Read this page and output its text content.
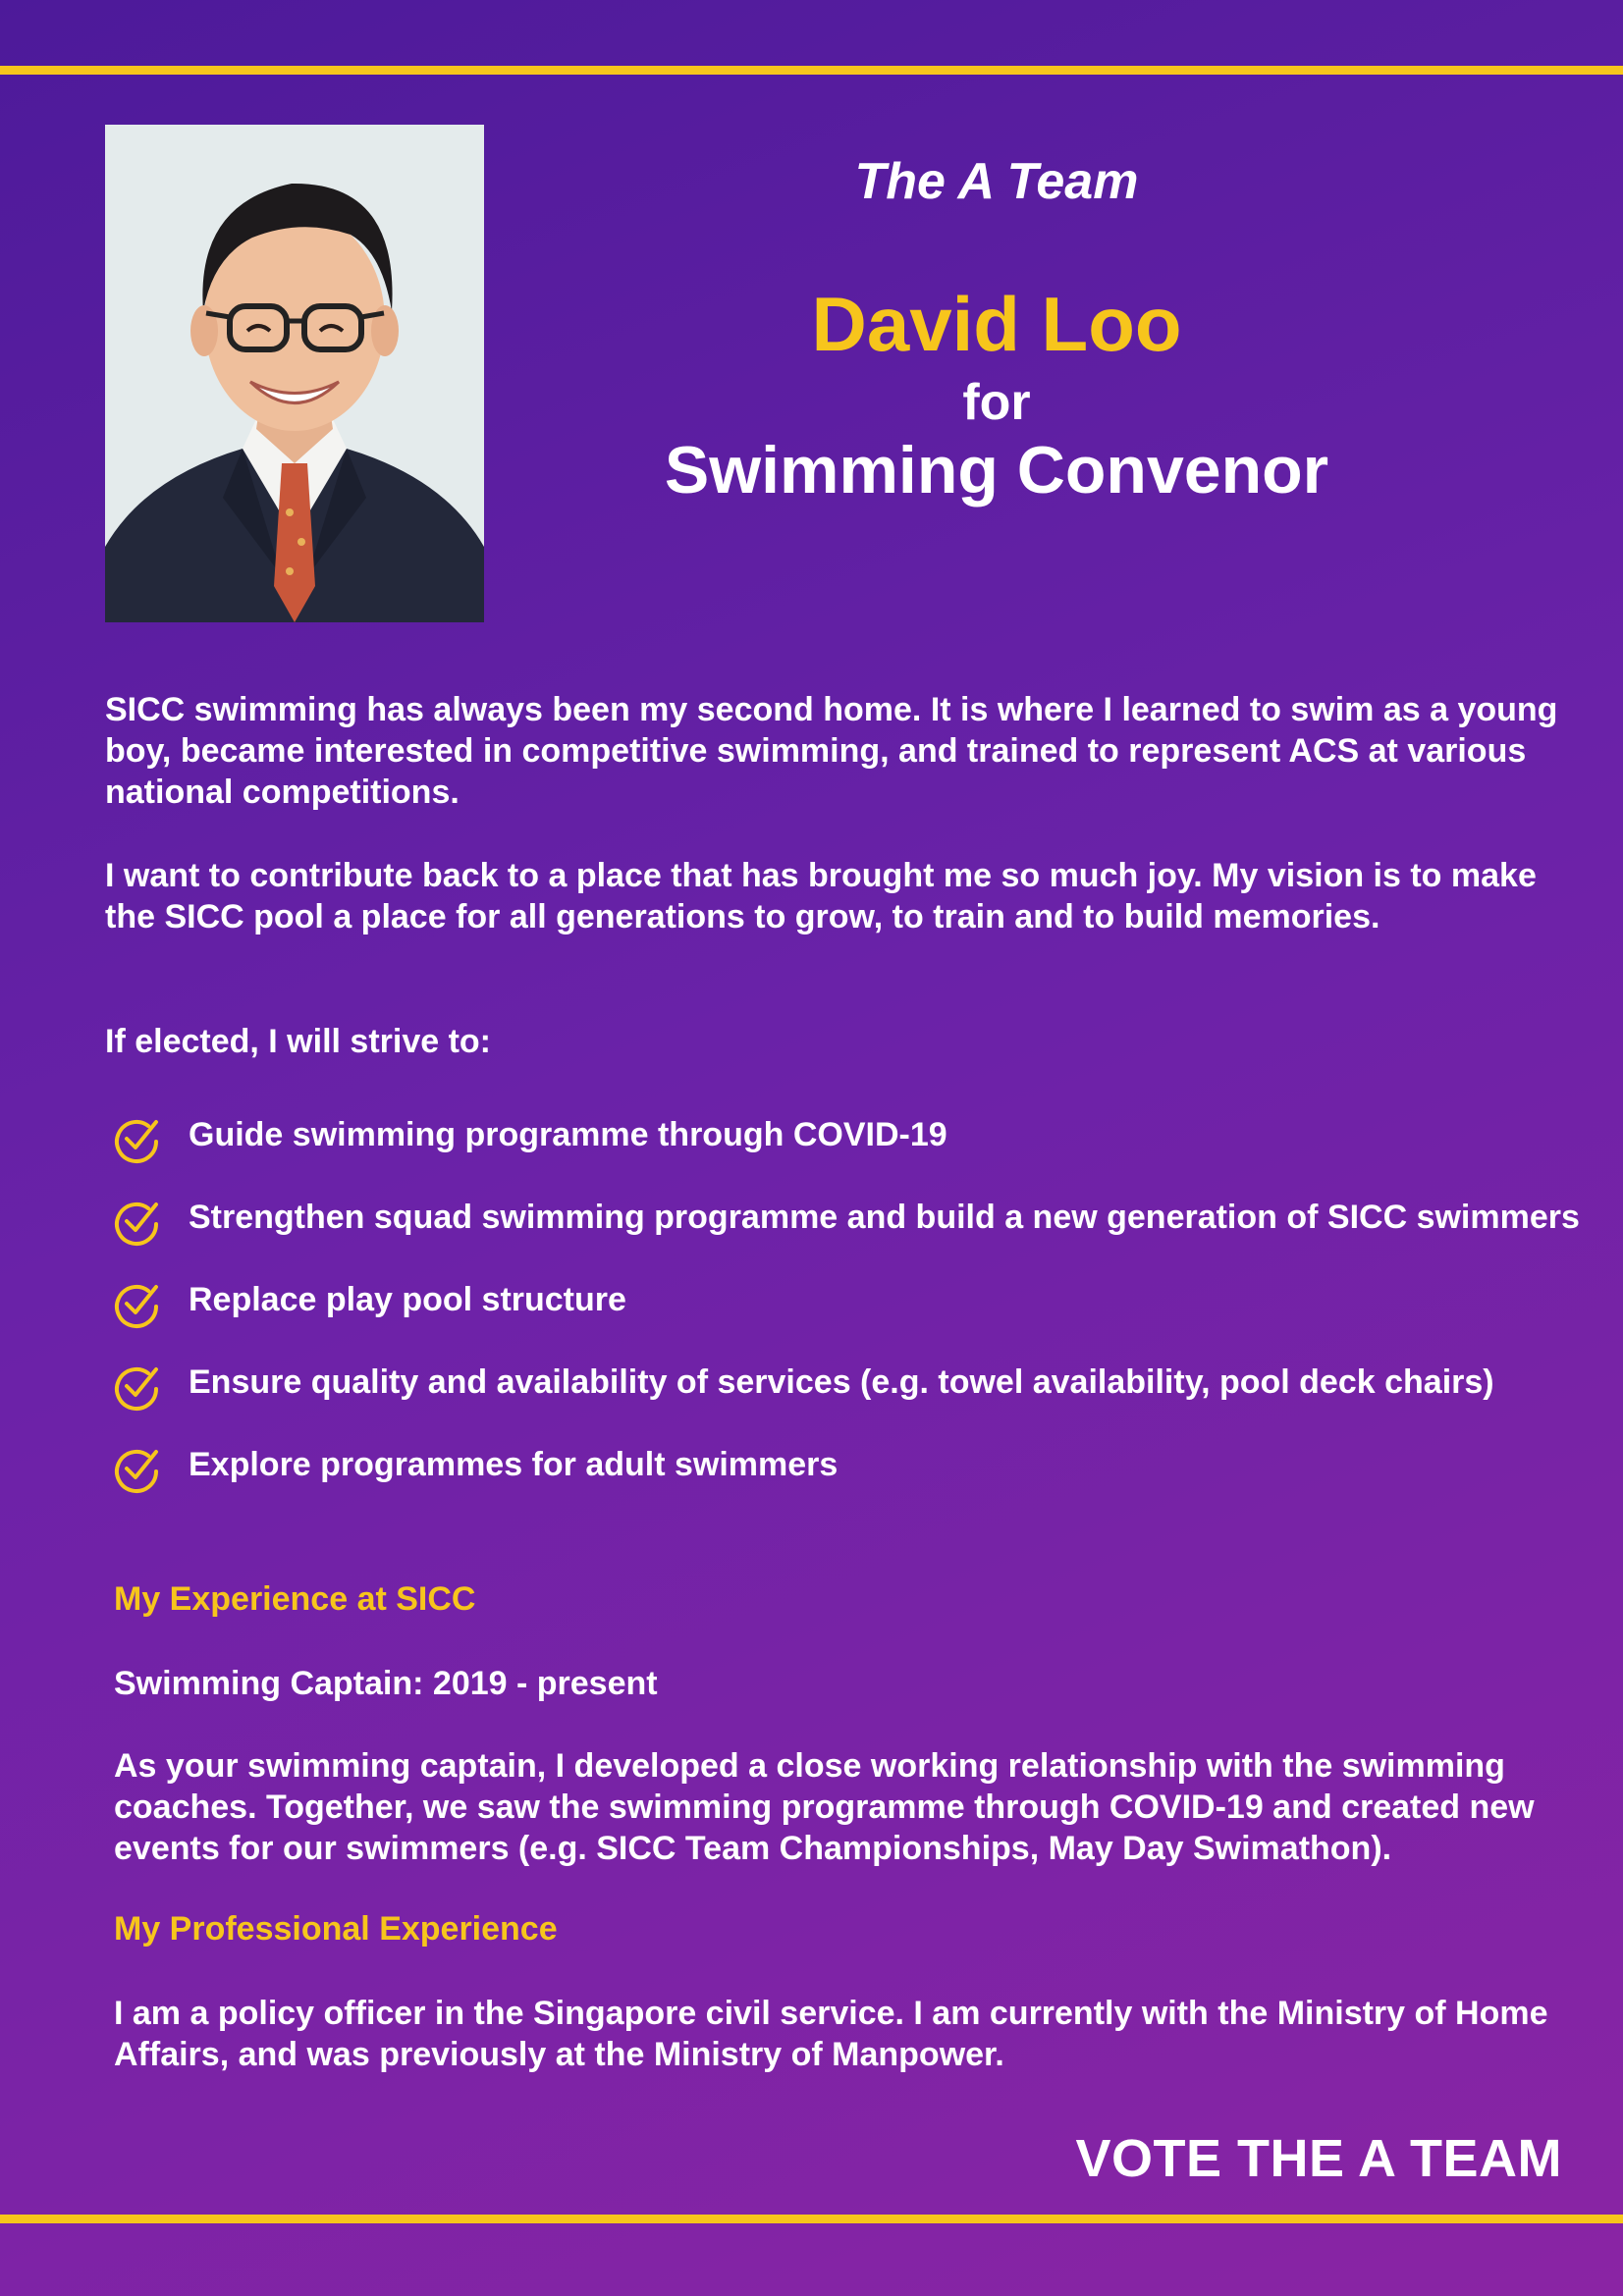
The A Team
David Loo
for
Swimming Convenor
SICC swimming has always been my second home. It is where I learned to swim as a young boy, became interested in competitive swimming, and trained to represent ACS at various national competitions.
I want to contribute back to a place that has brought me so much joy. My vision is to make the SICC pool a place for all generations to grow, to train and to build memories.
If elected, I will strive to:
Guide swimming programme through COVID-19
Strengthen squad swimming programme and build a new generation of SICC swimmers
Replace play pool structure
Ensure quality and availability of services (e.g. towel availability, pool deck chairs)
Explore programmes for adult swimmers
My Experience at SICC
Swimming Captain: 2019 - present
As your swimming captain, I developed a close working relationship with the swimming coaches. Together, we saw the swimming programme through COVID-19 and created new events for our swimmers (e.g. SICC Team Championships, May Day Swimathon).
My Professional Experience
I am a policy officer in the Singapore civil service. I am currently with the Ministry of Home Affairs, and was previously at the Ministry of Manpower.
VOTE THE A TEAM
